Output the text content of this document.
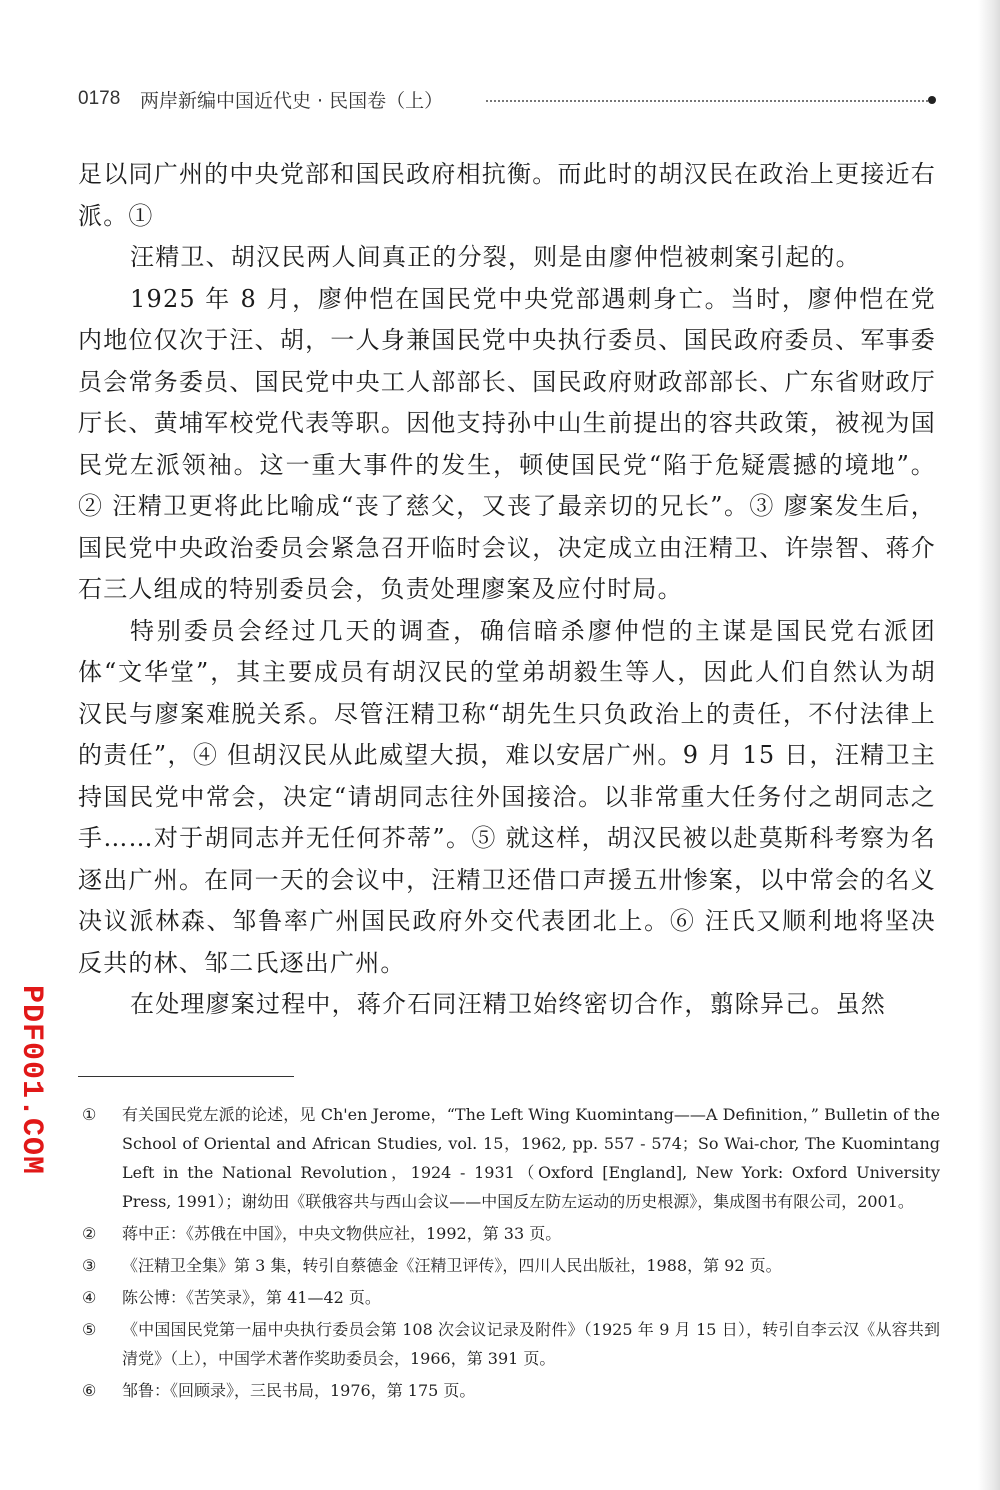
0178 两岸新编中国近代史 · 民国卷（上）

足以同广州的中央党部和国民政府相抗衡。而此时的胡汉民在政治上更接近右派。①

汪精卫、胡汉民两人间真正的分裂，则是由廖仲恺被刺案引起的。

1925 年 8 月，廖仲恺在国民党中央党部遇刺身亡。当时，廖仲恺在党内地位仅次于汪、胡，一人身兼国民党中央执行委员、国民政府委员、军事委员会常务委员、国民党中央工人部部长、国民政府财政部部长、广东省财政厅厅长、黄埔军校党代表等职。因他支持孙中山生前提出的容共政策，被视为国民党左派领袖。这一重大事件的发生，顿使国民党“陷于危疑震撼的境地”。② 汪精卫更将此比喻成“丧了慈父，又丧了最亲切的兄长”。③ 廖案发生后，国民党中央政治委员会紧急召开临时会议，决定成立由汪精卫、许崇智、蒋介石三人组成的特别委员会，负责处理廖案及应付时局。

特别委员会经过几天的调查，确信暗杀廖仲恺的主谋是国民党右派团体“文华堂”，其主要成员有胡汉民的堂弟胡毅生等人，因此人们自然认为胡汉民与廖案难脱关系。尽管汪精卫称“胡先生只负政治上的责任，不付法律上的责任”，④ 但胡汉民从此威望大损，难以安居广州。9 月 15 日，汪精卫主持国民党中常会，决定“请胡同志往外国接洽。以非常重大任务付之胡同志之手……对于胡同志并无任何芥蒂”。⑤ 就这样，胡汉民被以赴莫斯科考察为名逐出广州。在同一天的会议中，汪精卫还借口声援五卅惨案，以中常会的名义决议派林森、邹鲁率广州国民政府外交代表团北上。⑥ 汪氏又顺利地将坚决反共的林、邹二氏逐出广州。

在处理廖案过程中，蒋介石同汪精卫始终密切合作，翦除异己。虽然

①	有关国民党左派的论述，见 Ch'en Jerome，“The Left Wing Kuomintang——A Definition，” Bulletin of the School of Oriental and African Studies, vol. 15，1962, pp. 557 - 574；So Wai-chor, The Kuomintang Left in the National Revolution，1924 - 1931（Oxford [England], New York: Oxford University Press, 1991）；谢幼田《联俄容共与西山会议——中国反左防左运动的历史根源》，集成图书有限公司，2001。
②	蒋中正：《苏俄在中国》，中央文物供应社，1992，第 33 页。
③	《汪精卫全集》第 3 集，转引自蔡德金《汪精卫评传》，四川人民出版社，1988，第 92 页。
④	陈公博：《苦笑录》，第 41—42 页。
⑤	《中国国民党第一届中央执行委员会第 108 次会议记录及附件》（1925 年 9 月 15 日），转引自李云汉《从容共到清党》（上），中国学术著作奖助委员会，1966，第 391 页。
⑥	邹鲁：《回顾录》，三民书局，1976，第 175 页。
PDF001.COM
